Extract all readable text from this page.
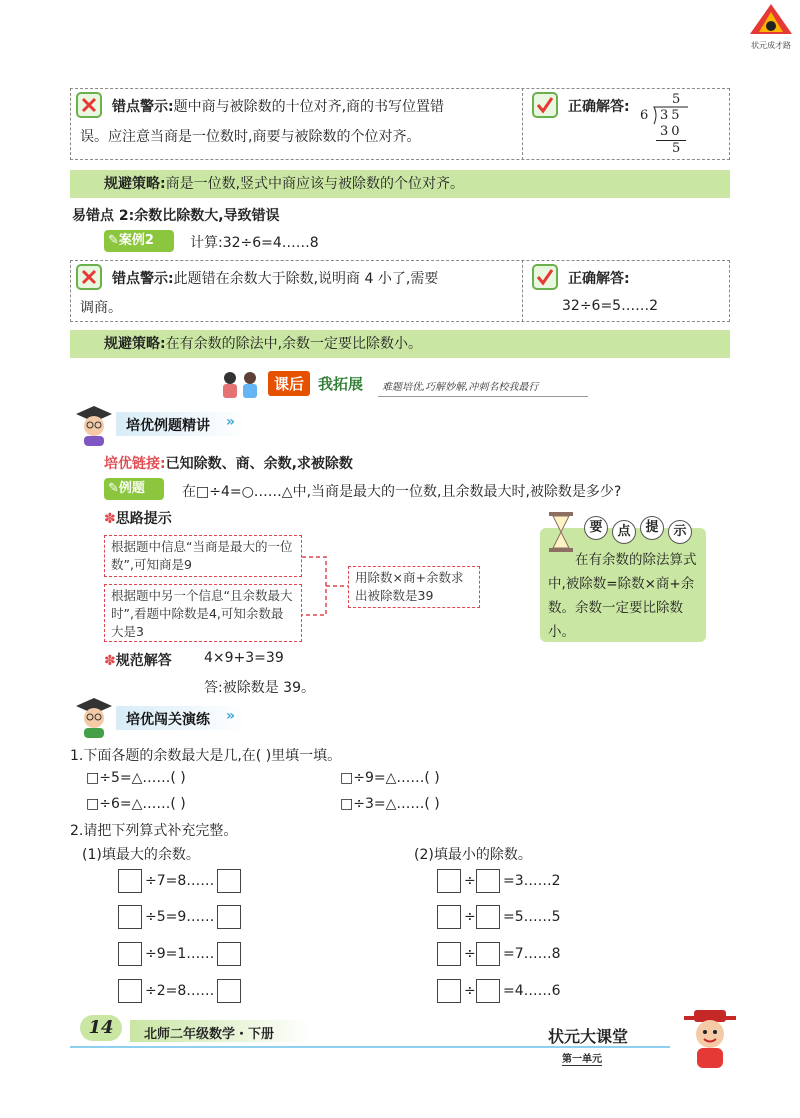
状元成才路
错点警示:题中商与被除数的十位对齐,商的书写位置错
误。应注意当商是一位数时,商要与被除数的个位对齐。
正确解答:	5
6 35
30
5
规避策略:商是一位数,竖式中商应该与被除数的个位对齐。
易错点 2:余数比除数大,导致错误
✎案例2	计算:32÷6=4……8
错点警示:此题错在余数大于除数,说明商 4 小了,需要
调商。
正确解答:
32÷6=5……2
规避策略:在有余数的除法中,余数一定要比除数小。
课后 我拓展 难题培优,巧解妙解,冲刺名校我最行
培优例题精讲 »
培优链接:已知除数、商、余数,求被除数
✎例题	在□÷4=○……△中,当商是最大的一位数,且余数最大时,被除数是多少?
✽思路提示
根据题中信息“当商是最大的一位数”,可知商是9
根据题中另一个信息“且余数最大时”,看题中除数是4,可知余数最大是3
用除数×商+余数求出被除数是39
要	点	提	示
在有余数的除法算式中,被除数=除数×商+余数。余数一定要比除数小。
✽规范解答 4×9+3=39
答:被除数是 39。
培优闯关演练 »
1.下面各题的余数最大是几,在( )里填一填。
□÷5=△……( )	□÷9=△……( )
□÷6=△……( )	□÷3=△……( )
2.请把下列算式补充完整。
(1)填最大的余数。	(2)填最小的除数。
÷7=8……
÷5=9……
÷9=1……
÷2=8……
÷ =3……2
÷ =5……5
÷ =7……8
÷ =4……6
14	北师二年级数学・下册	状元大课堂
第一单元
